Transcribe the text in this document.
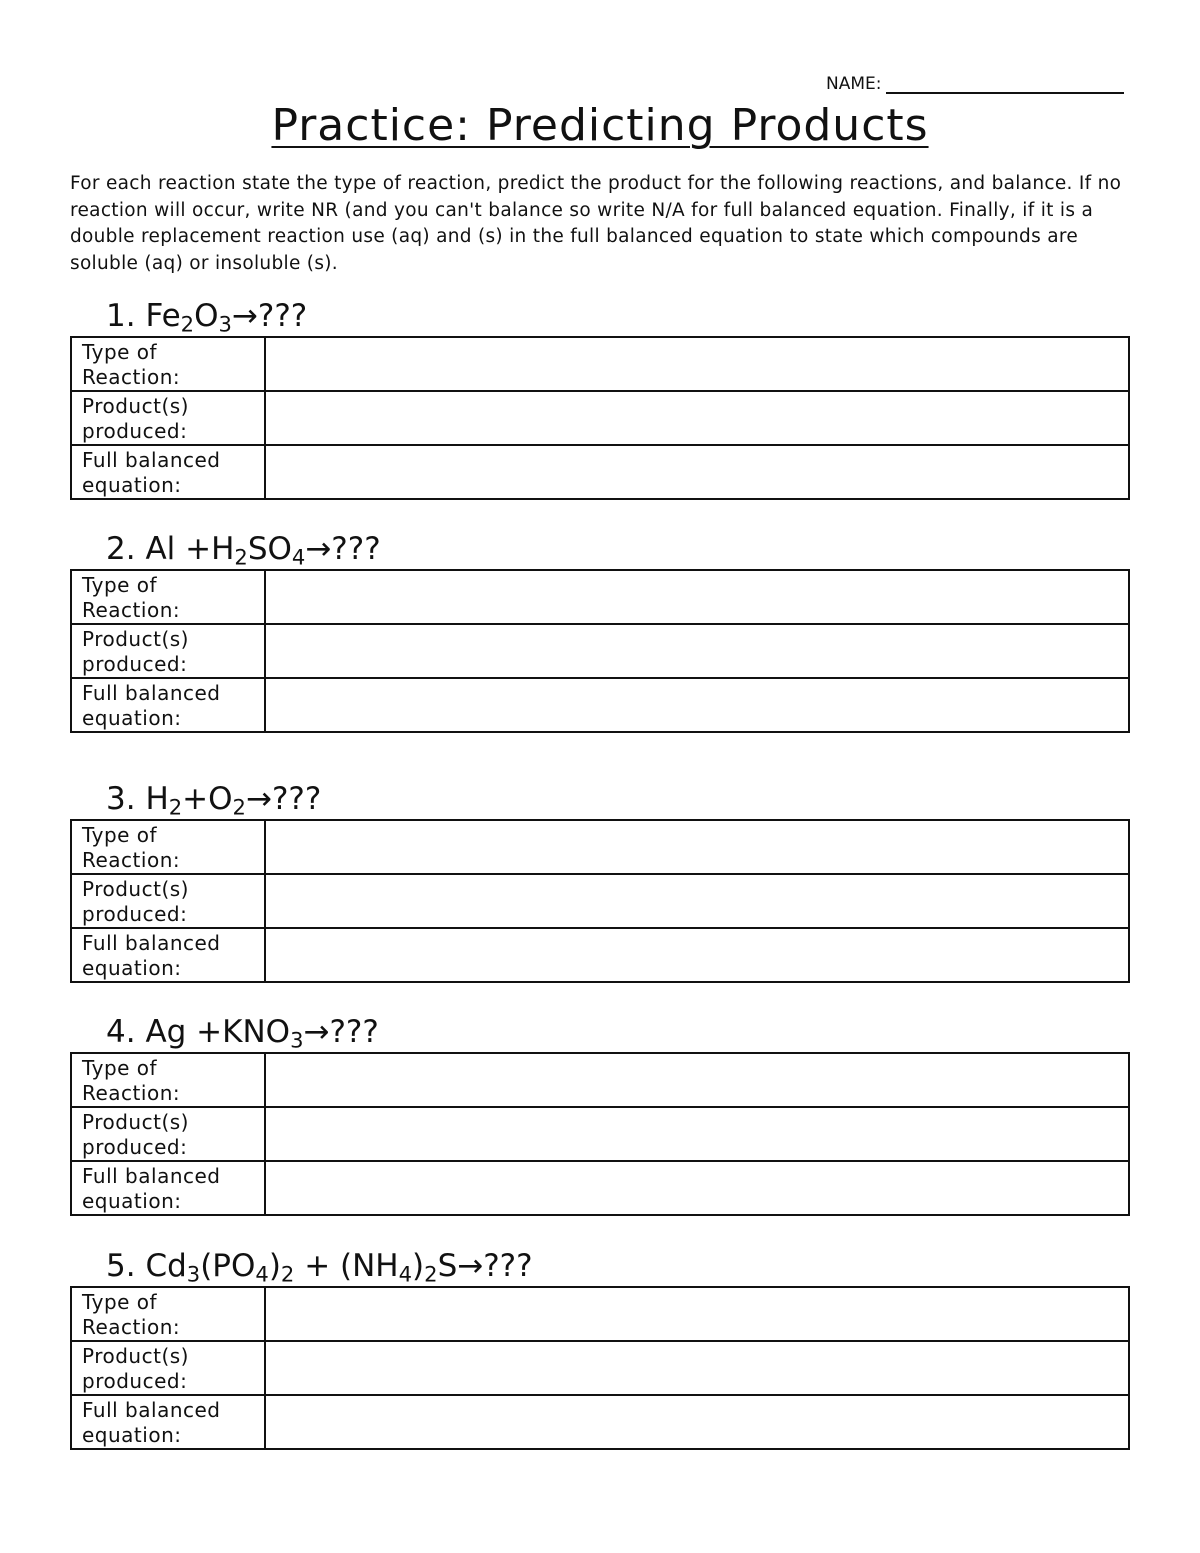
NAME:
Practice: Predicting Products
For each reaction state the type of reaction, predict the product for the following reactions, and balance. If no reaction will occur, write NR (and you can't balance so write N/A for full balanced equation. Finally, if it is a double replacement reaction use (aq) and (s) in the full balanced equation to state which compounds are soluble (aq) or insoluble (s).
1. $Fe_2O_3\to$???
Type of
Reaction:	
Product(s)
produced:	
Full balanced
equation:	
2. $Al +H_2SO_4\to$???
Type of
Reaction:	
Product(s)
produced:	
Full balanced
equation:	
3. $H_2+O_2\to$???
Type of
Reaction:	
Product(s)
produced:	
Full balanced
equation:	
4. $Ag +KNO_3\to$???
Type of
Reaction:	
Product(s)
produced:	
Full balanced
equation:	
5. $Cd_3(PO_4)_2 + (NH_4)_2S\to$???
Type of
Reaction:	
Product(s)
produced:	
Full balanced
equation:	
